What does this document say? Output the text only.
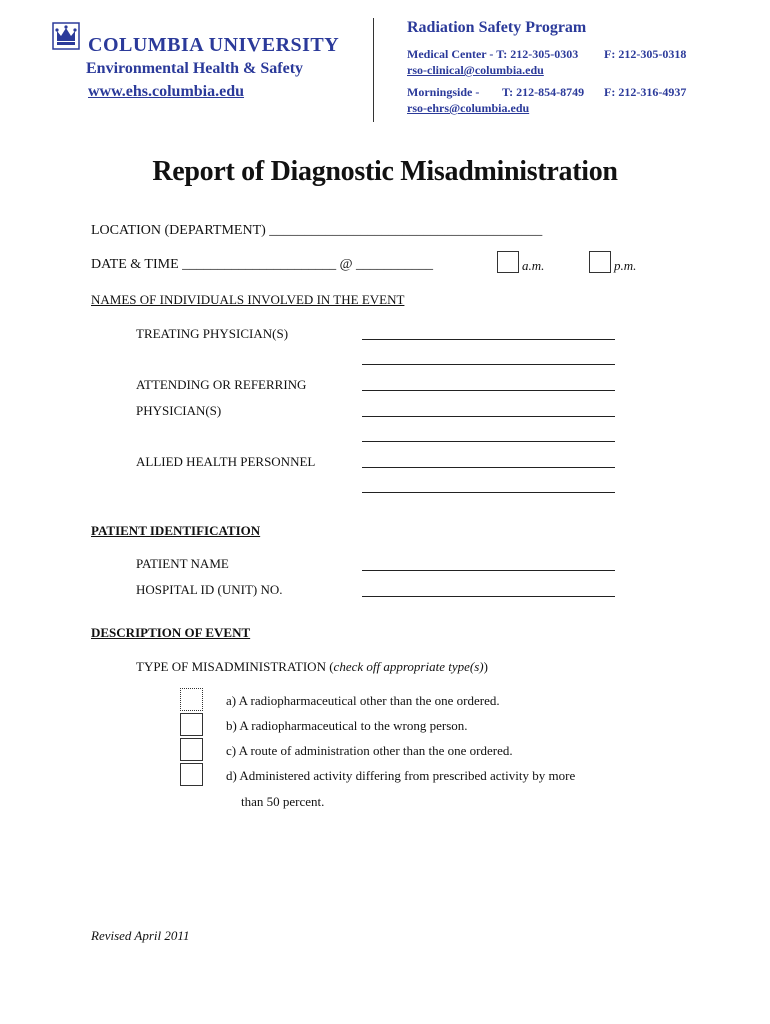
COLUMBIA UNIVERSITY
Environmental Health & Safety
www.ehs.columbia.edu
Radiation Safety Program
Medical Center - T: 212-305-0303 F: 212-305-0318
rso-clinical@columbia.edu
Morningside - T: 212-854-8749 F: 212-316-4937
rso-ehrs@columbia.edu
Report of Diagnostic Misadministration
LOCATION (DEPARTMENT) _______________________________________
DATE & TIME ______________________ @ ___________	a.m.	p.m.
NAMES OF INDIVIDUALS INVOLVED IN THE EVENT
TREATING PHYSICIAN(S)
ATTENDING OR REFERRING
PHYSICIAN(S)
ALLIED HEALTH PERSONNEL
PATIENT IDENTIFICATION
PATIENT NAME
HOSPITAL ID (UNIT) NO.
DESCRIPTION OF EVENT
TYPE OF MISADMINISTRATION (check off appropriate type(s))
a) A radiopharmaceutical other than the one ordered.
b) A radiopharmaceutical to the wrong person.
c) A route of administration other than the one ordered.
d) Administered activity differing from prescribed activity by more
than 50 percent.
Revised April 2011
